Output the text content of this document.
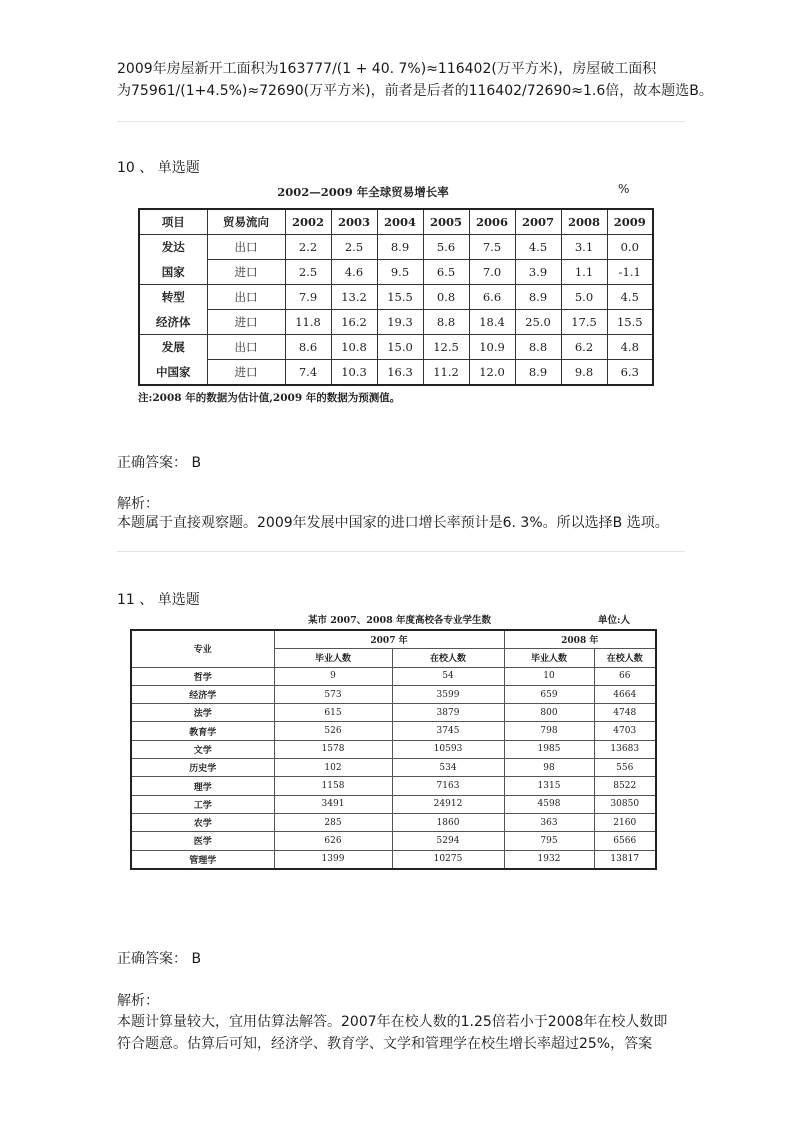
2009年房屋新开工面积为163777/(1 + 40. 7%)≈116402(万平方米)，房屋破工面积
为75961/(1+4.5%)≈72690(万平方米)，前者是后者的116402/72690≈1.6倍，故本题选B。
10 、 单选题
2002—2009 年全球贸易增长率	%
项目	贸易流向	2002	2003	2004	2005	2006	2007	2008	2009
发达	出口	2.2	2.5	8.9	5.6	7.5	4.5	3.1	0.0
国家	进口	2.5	4.6	9.5	6.5	7.0	3.9	1.1	-1.1
转型	出口	7.9	13.2	15.5	0.8	6.6	8.9	5.0	4.5
经济体	进口	11.8	16.2	19.3	8.8	18.4	25.0	17.5	15.5
发展	出口	8.6	10.8	15.0	12.5	10.9	8.8	6.2	4.8
中国家	进口	7.4	10.3	16.3	11.2	12.0	8.9	9.8	6.3
注:2008 年的数据为估计值,2009 年的数据为预测值。
正确答案： B
解析：
本题属于直接观察题。2009年发展中国家的进口增长率预计是6. 3%。所以选择B 选项。
11 、 单选题
某市 2007、2008 年度高校各专业学生数	单位:人
专业	2007 年		2008 年	
	毕业人数	在校人数	毕业人数	在校人数
哲学	9	54	10	66
经济学	573	3599	659	4664
法学	615	3879	800	4748
教育学	526	3745	798	4703
文学	1578	10593	1985	13683
历史学	102	534	98	556
理学	1158	7163	1315	8522
工学	3491	24912	4598	30850
农学	285	1860	363	2160
医学	626	5294	795	6566
管理学	1399	10275	1932	13817
正确答案： B
解析：
本题计算量较大，宜用估算法解答。2007年在校人数的1.25倍若小于2008年在校人数即
符合题意。估算后可知，经济学、教育学、文学和管理学在校生增长率超过25%，答案
